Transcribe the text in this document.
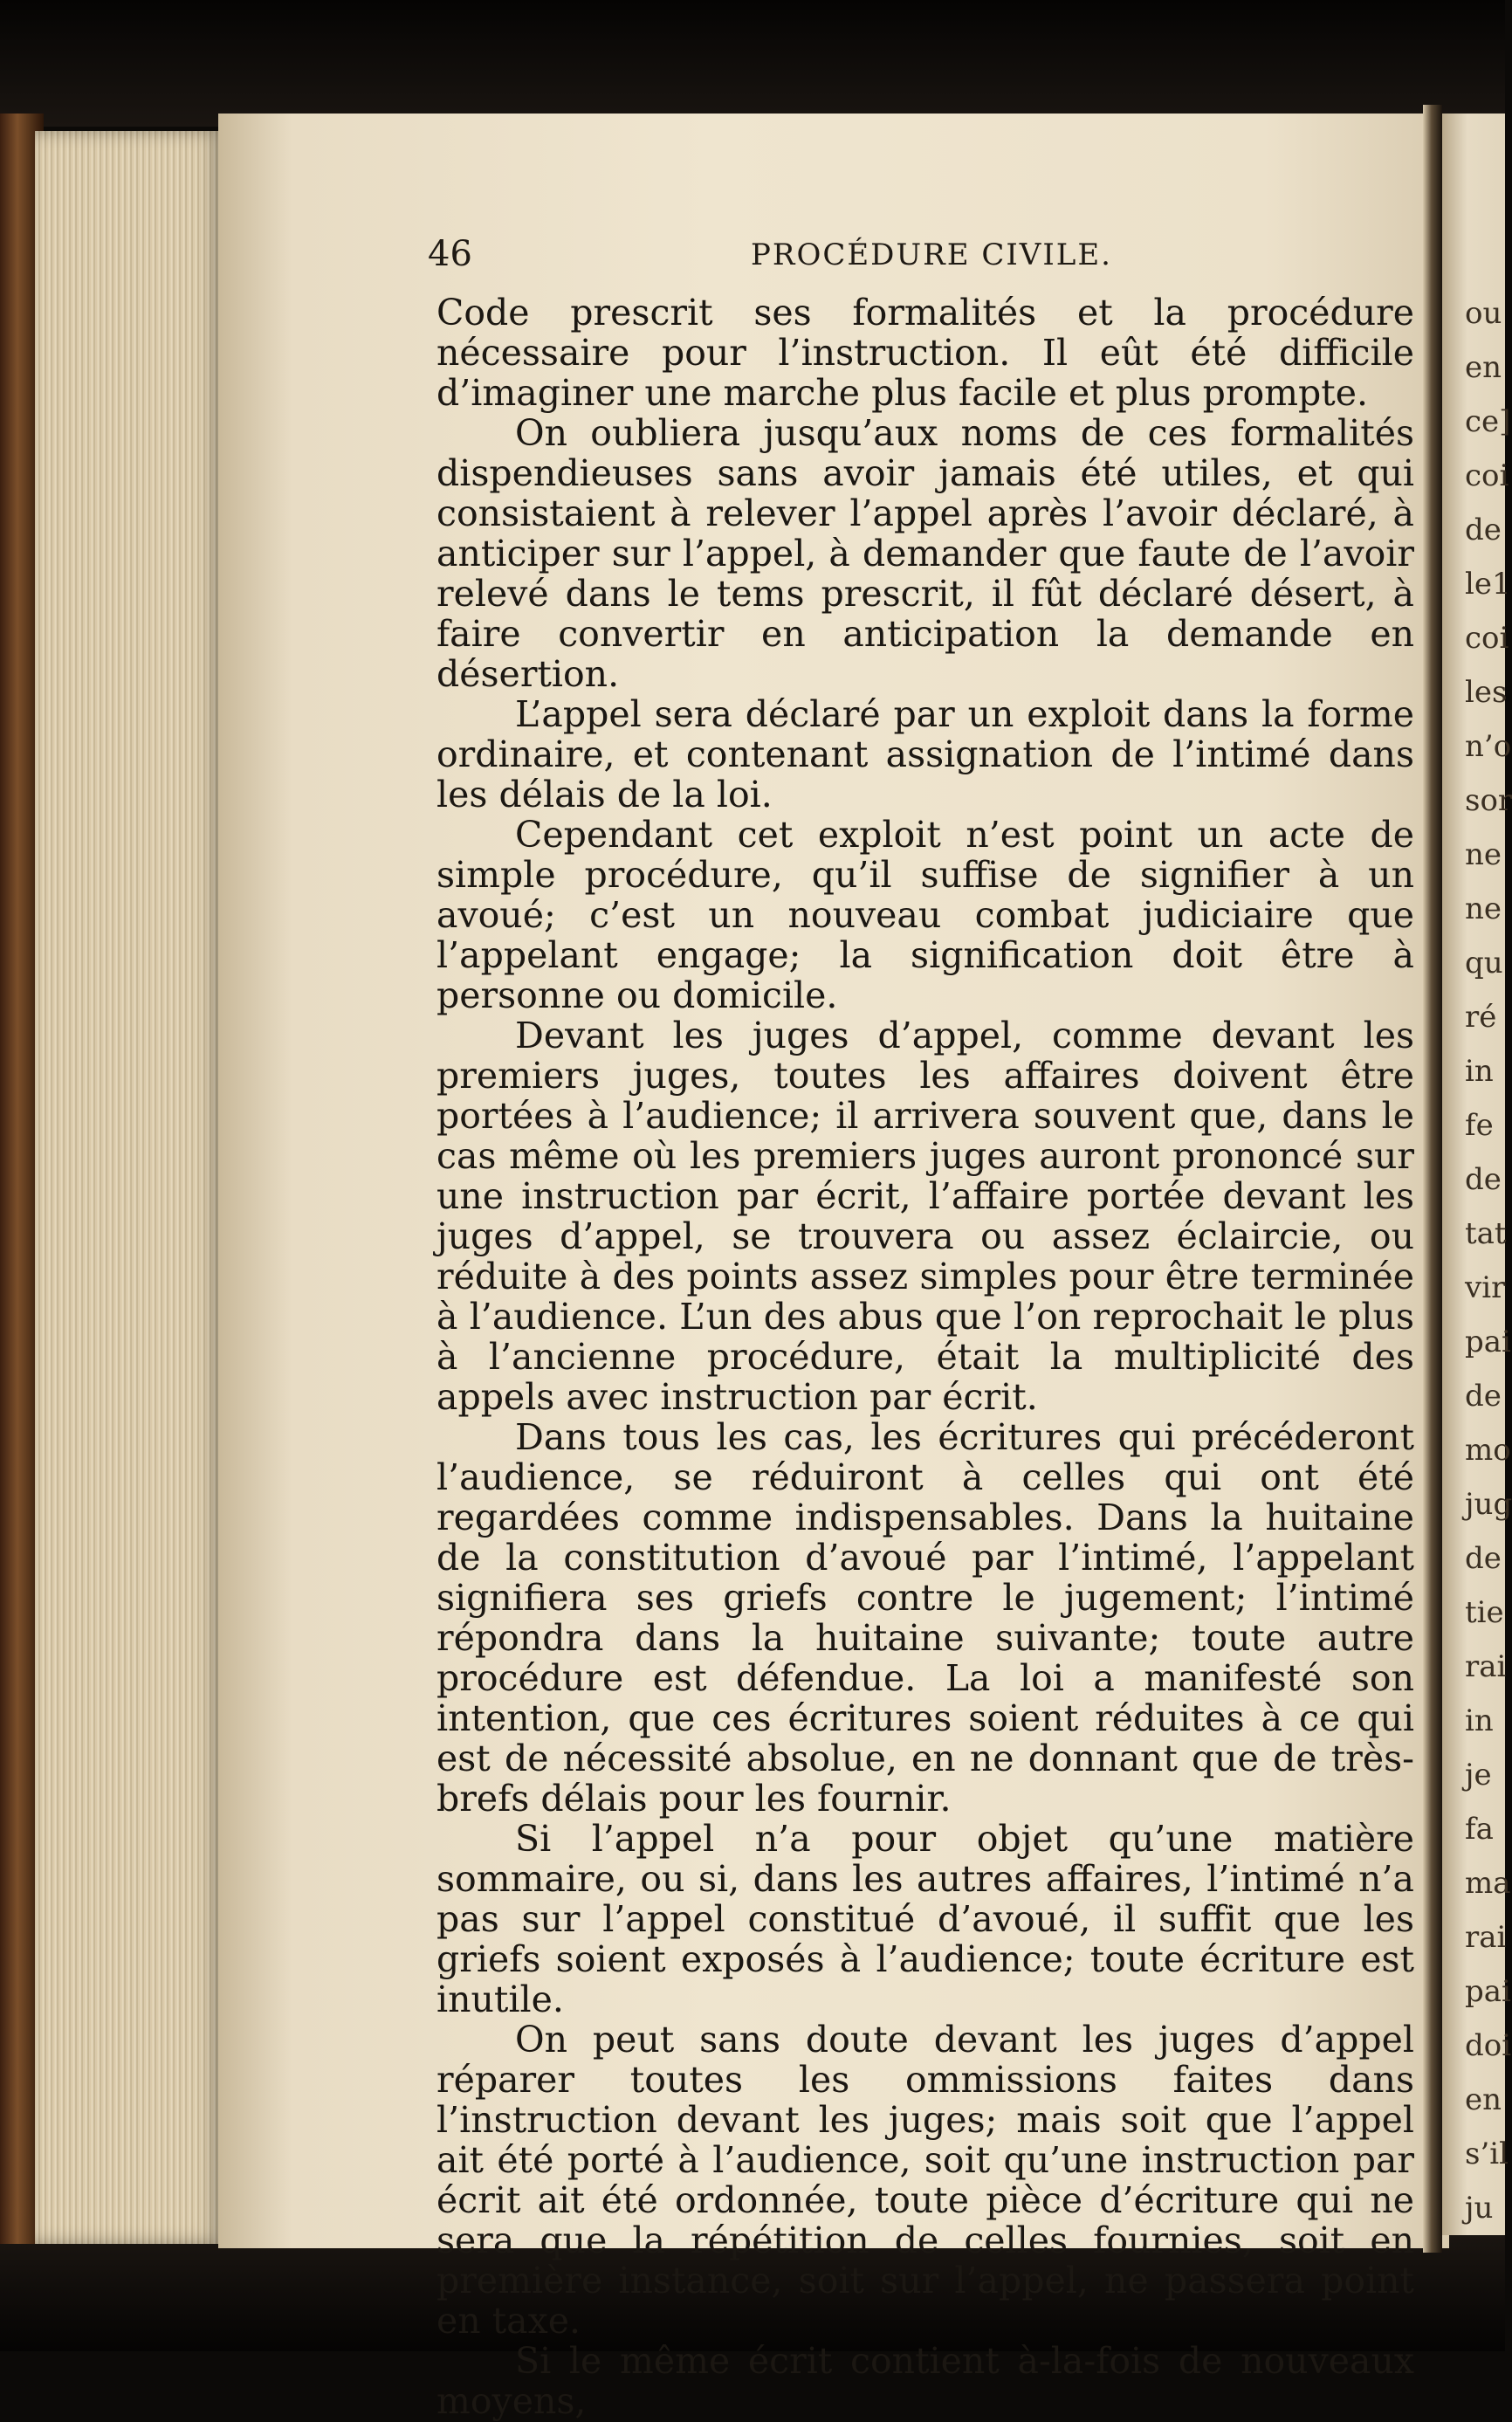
ou
en
ce]
coi
de
le1
coi
les
n’o
sor
ne
ne
qu
ré
in
fe
de
tat
vir
pai
de
mo
jug
de
tie
rai
in
je
fa
ma
rai
pai
doi
en
s’il
ju
46	PROCÉDURE CIVILE.

Code prescrit ses formalités et la procédure nécessaire pour l’instruction. Il eût été difficile d’imaginer une marche plus facile et plus prompte.

On oubliera jusqu’aux noms de ces formalités dispendieuses sans avoir jamais été utiles, et qui consistaient à relever l’appel après l’avoir déclaré, à anticiper sur l’appel, à demander que faute de l’avoir relevé dans le tems prescrit, il fût déclaré désert, à faire convertir en anticipation la demande en désertion.

L’appel sera déclaré par un exploit dans la forme ordinaire, et contenant assignation de l’intimé dans les délais de la loi.

Cependant cet exploit n’est point un acte de simple procédure, qu’il suffise de signifier à un avoué; c’est un nouveau combat judiciaire que l’appelant engage; la signification doit être à personne ou domicile.

Devant les juges d’appel, comme devant les premiers juges, toutes les affaires doivent être portées à l’audience; il arrivera souvent que, dans le cas même où les premiers juges auront prononcé sur une instruction par écrit, l’affaire portée devant les juges d’appel, se trouvera ou assez éclaircie, ou réduite à des points assez simples pour être terminée à l’audience. L’un des abus que l’on reprochait le plus à l’ancienne procédure, était la multiplicité des appels avec instruction par écrit.

Dans tous les cas, les écritures qui précéderont l’audience, se réduiront à celles qui ont été regardées comme indispensables. Dans la huitaine de la constitution d’avoué par l’intimé, l’appelant signifiera ses griefs contre le jugement; l’intimé répondra dans la huitaine suivante; toute autre procédure est défendue. La loi a manifesté son intention, que ces écritures soient réduites à ce qui est de nécessité absolue, en ne donnant que de très-brefs délais pour les fournir.

Si l’appel n’a pour objet qu’une matière sommaire, ou si, dans les autres affaires, l’intimé n’a pas sur l’appel constitué d’avoué, il suffit que les griefs soient exposés à l’audience; toute écriture est inutile.

On peut sans doute devant les juges d’appel réparer toutes les ommissions faites dans l’instruction devant les juges; mais soit que l’appel ait été porté à l’audience, soit qu’une instruction par écrit ait été ordonnée, toute pièce d’écriture qui ne sera que la répétition de celles fournies, soit en première instance, soit sur l’appel, ne passera point en taxe.

Si le même écrit contient à-la-fois de nouveaux moyens,
